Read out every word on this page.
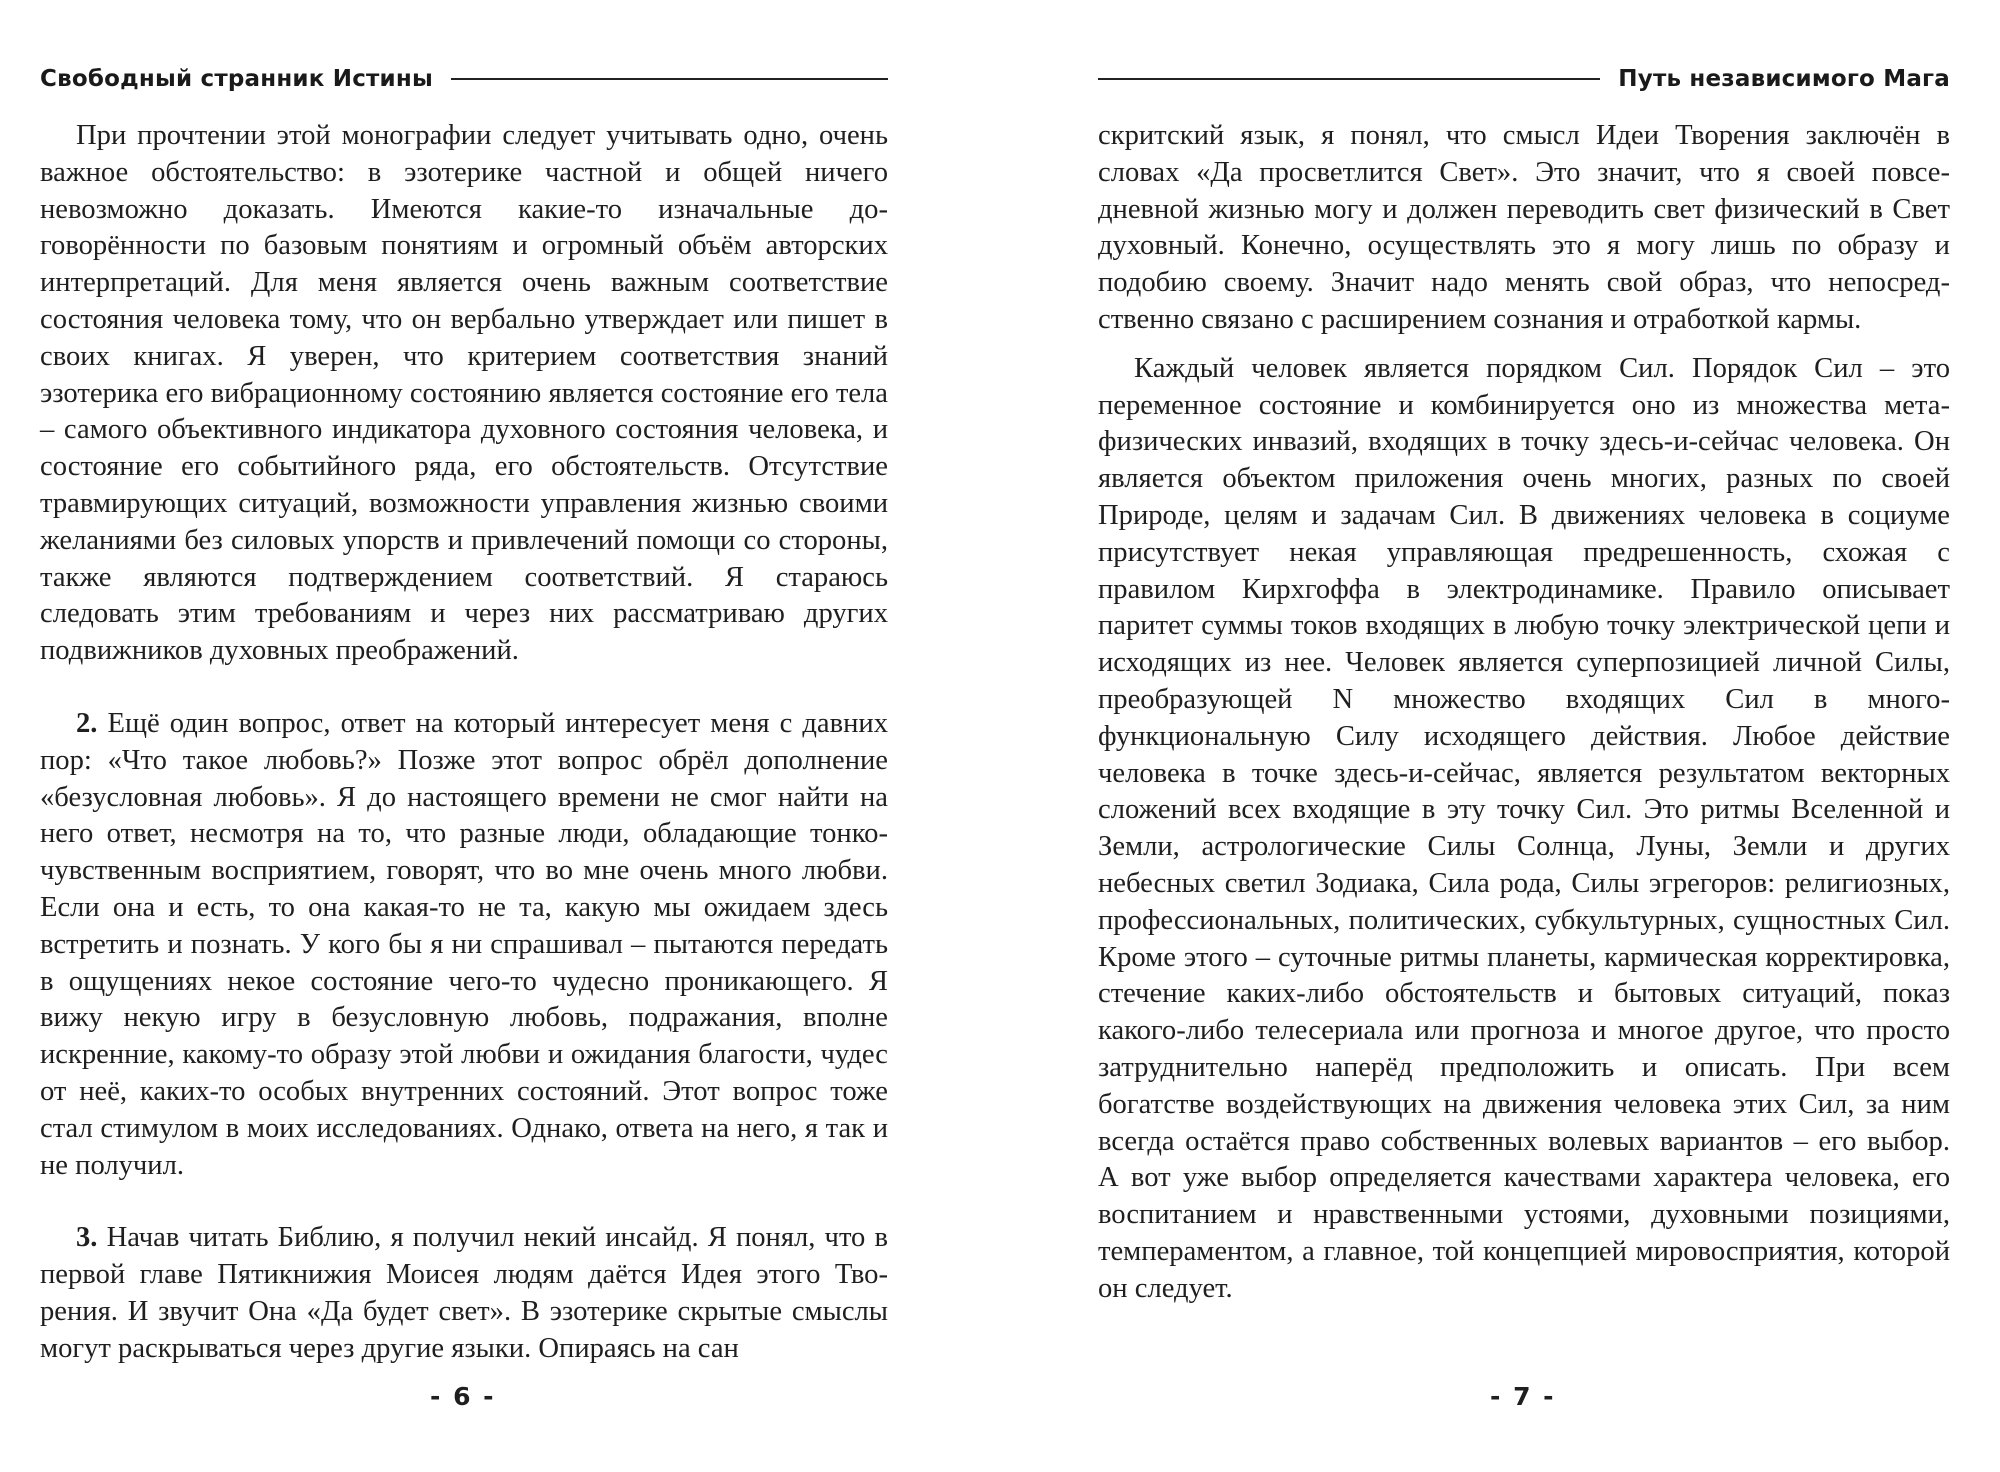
Свободный странник Истины

При прочтении этой монографии следует учитывать одно, очень важное обстоятельство: в эзотерике частной и общей ничего невозможно доказать. Имеются какие-то изначальные договорённости по базовым понятиям и огромный объём авторских интерпретаций. Для меня является очень важным соответствие состояния человека тому, что он вербально утверждает или пишет в своих книгах. Я уверен, что критерием соответствия знаний эзотерика его вибрационному состоянию является состояние его тела – самого объективного индикатора духовного состояния человека, и состояние его событийного ряда, его обстоятельств. Отсутствие травмирующих ситуаций, возможности управления жизнью своими желаниями без силовых упорств и привлечений помощи со стороны, также являются подтверждением соответствий. Я стараюсь следовать этим требованиям и через них рассматриваю других подвижников духовных преображений.

2. Ещё один вопрос, ответ на который интересует меня с давних пор: «Что такое любовь?» Позже этот вопрос обрёл дополнение «безусловная любовь». Я до настоящего времени не смог найти на него ответ, несмотря на то, что разные люди, обладающие тонко-чувственным восприятием, говорят, что во мне очень много любви. Если она и есть, то она какая-то не та, какую мы ожидаем здесь встретить и познать. У кого бы я ни спрашивал – пытаются передать в ощущениях некое состояние чего-то чудесно проникающего. Я вижу некую игру в безусловную любовь, подражания, вполне искренние, какому-то образу этой любви и ожидания благости, чудес от неё, каких-то особых внутренних состояний. Этот вопрос тоже стал стимулом в моих исследованиях. Однако, ответа на него, я так и не получил.

3. Начав читать Библию, я получил некий инсайд. Я понял, что в первой главе Пятикнижия Моисея людям даётся Идея этого Творения. И звучит Она «Да будет свет». В эзотерике скрытые смыслы могут раскрываться через другие языки. Опираясь на сан

- 6 -
Путь независимого Мага

скритский язык, я понял, что смысл Идеи Творения заключён в словах «Да просветлится Свет». Это значит, что я своей повседневной жизнью могу и должен переводить свет физический в Свет духовный. Конечно, осуществлять это я могу лишь по образу и подобию своему. Значит надо менять свой образ, что непосредственно связано с расширением сознания и отработкой кармы.

Каждый человек является порядком Сил. Порядок Сил – это переменное состояние и комбинируется оно из множества метафизических инвазий, входящих в точку здесь-и-сейчас человека. Он является объектом приложения очень многих, разных по своей Природе, целям и задачам Сил. В движениях человека в социуме присутствует некая управляющая предрешенность, схожая с правилом Кирхгоффа в электродинамике. Правило описывает паритет суммы токов входящих в любую точку электрической цепи и исходящих из нее. Человек является суперпозицией личной Силы, преобразующей N множество входящих Сил в многофункциональную Силу исходящего действия. Любое действие человека в точке здесь-и-сейчас, является результатом векторных сложений всех входящие в эту точку Сил. Это ритмы Вселенной и Земли, астрологические Силы Солнца, Луны, Земли и других небесных светил Зодиака, Сила рода, Силы эгрегоров: религиозных, профессиональных, политических, субкультурных, сущностных Сил. Кроме этого – суточные ритмы планеты, кармическая корректировка, стечение каких-либо обстоятельств и бытовых ситуаций, показ какого-либо телесериала или прогноза и многое другое, что просто затруднительно наперёд предположить и описать. При всем богатстве воздействующих на движения человека этих Сил, за ним всегда остаётся право собственных волевых вариантов – его выбор. А вот уже выбор определяется качествами характера человека, его воспитанием и нравственными устоями, духовными позициями, темпераментом, а главное, той концепцией мировосприятия, которой он следует.

- 7 -
